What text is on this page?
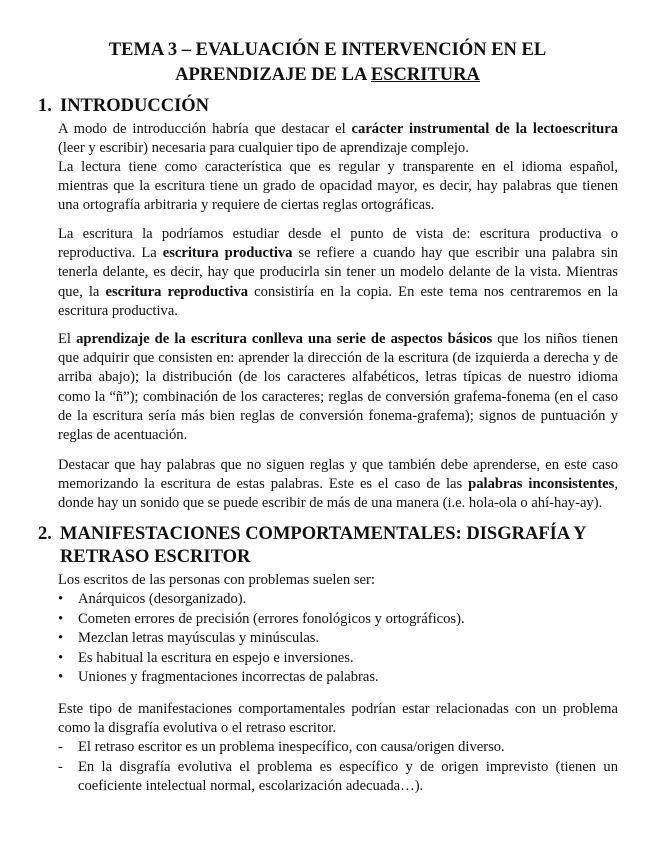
TEMA 3 – EVALUACIÓN E INTERVENCIÓN EN EL
APRENDIZAJE DE LA ESCRITURA
1. INTRODUCCIÓN
A modo de introducción habría que destacar el carácter instrumental de la lectoescritura (leer y escribir) necesaria para cualquier tipo de aprendizaje complejo.
La lectura tiene como característica que es regular y transparente en el idioma español, mientras que la escritura tiene un grado de opacidad mayor, es decir, hay palabras que tienen una ortografía arbitraria y requiere de ciertas reglas ortográficas.
La escritura la podríamos estudiar desde el punto de vista de: escritura productiva o reproductiva. La escritura productiva se refiere a cuando hay que escribir una palabra sin tenerla delante, es decir, hay que producirla sin tener un modelo delante de la vista. Mientras que, la escritura reproductiva consistiría en la copia. En este tema nos centraremos en la escritura productiva.
El aprendizaje de la escritura conlleva una serie de aspectos básicos que los niños tienen que adquirir que consisten en: aprender la dirección de la escritura (de izquierda a derecha y de arriba abajo); la distribución (de los caracteres alfabéticos, letras típicas de nuestro idioma como la “ñ”); combinación de los caracteres; reglas de conversión grafema-fonema (en el caso de la escritura sería más bien reglas de conversión fonema-grafema); signos de puntuación y reglas de acentuación.
Destacar que hay palabras que no siguen reglas y que también debe aprenderse, en este caso memorizando la escritura de estas palabras. Este es el caso de las palabras inconsistentes, donde hay un sonido que se puede escribir de más de una manera (i.e. hola-ola o ahí-hay-ay).
2. MANIFESTACIONES COMPORTAMENTALES: DISGRAFÍA Y
RETRASO ESCRITOR
Los escritos de las personas con problemas suelen ser:
•	Anárquicos (desorganizado).
•	Cometen errores de precisión (errores fonológicos y ortográficos).
•	Mezclan letras mayúsculas y minúsculas.
•	Es habitual la escritura en espejo e inversiones.
•	Uniones y fragmentaciones incorrectas de palabras.
Este tipo de manifestaciones comportamentales podrían estar relacionadas con un problema como la disgrafía evolutiva o el retraso escritor.
-	El retraso escritor es un problema inespecífico, con causa/origen diverso.
-	En la disgrafía evolutiva el problema es específico y de origen imprevisto (tienen un coeficiente intelectual normal, escolarización adecuada…).
